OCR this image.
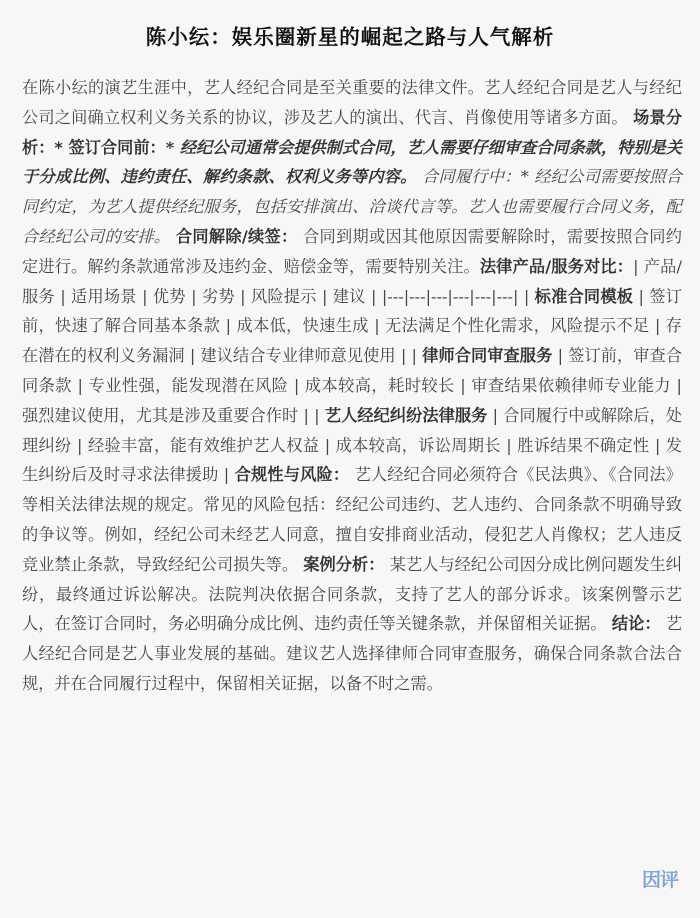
陈小纭：娱乐圈新星的崛起之路与人气解析
在陈小纭的演艺生涯中，艺人经纪合同是至关重要的法律文件。艺人经纪合同是艺人与经纪公司之间确立权利义务关系的协议，涉及艺人的演出、代言、肖像使用等诸多方面。 场景分析：* 签订合同前：* 经纪公司通常会提供制式合同，艺人需要仔细审查合同条款，特别是关于分成比例、违约责任、解约条款、权利义务等内容。 合同履行中：* 经纪公司需要按照合同约定，为艺人提供经纪服务，包括安排演出、洽谈代言等。艺人也需要履行合同义务，配合经纪公司的安排。 合同解除/续签： 合同到期或因其他原因需要解除时，需要按照合同约定进行。解约条款通常涉及违约金、赔偿金等，需要特别关注。法律产品/服务对比：| 产品/服务 | 适用场景 | 优势 | 劣势 | 风险提示 | 建议 | |---|---|---|---|---|---| | 标准合同模板 | 签订前，快速了解合同基本条款 | 成本低，快速生成 | 无法满足个性化需求，风险提示不足 | 存在潜在的权利义务漏洞 | 建议结合专业律师意见使用 | | 律师合同审查服务 | 签订前，审查合同条款 | 专业性强，能发现潜在风险 | 成本较高，耗时较长 | 审查结果依赖律师专业能力 | 强烈建议使用，尤其是涉及重要合作时 | | 艺人经纪纠纷法律服务 | 合同履行中或解除后，处理纠纷 | 经验丰富，能有效维护艺人权益 | 成本较高，诉讼周期长 | 胜诉结果不确定性 | 发生纠纷后及时寻求法律援助 | 合规性与风险： 艺人经纪合同必须符合《民法典》、《合同法》等相关法律法规的规定。常见的风险包括：经纪公司违约、艺人违约、合同条款不明确导致的争议等。例如，经纪公司未经艺人同意，擅自安排商业活动，侵犯艺人肖像权；艺人违反竞业禁止条款，导致经纪公司损失等。 案例分析： 某艺人与经纪公司因分成比例问题发生纠纷，最终通过诉讼解决。法院判决依据合同条款，支持了艺人的部分诉求。该案例警示艺人，在签订合同时，务必明确分成比例、违约责任等关键条款，并保留相关证据。 结论： 艺人经纪合同是艺人事业发展的基础。建议艺人选择律师合同审查服务，确保合同条款合法合规，并在合同履行过程中，保留相关证据，以备不时之需。
因评
